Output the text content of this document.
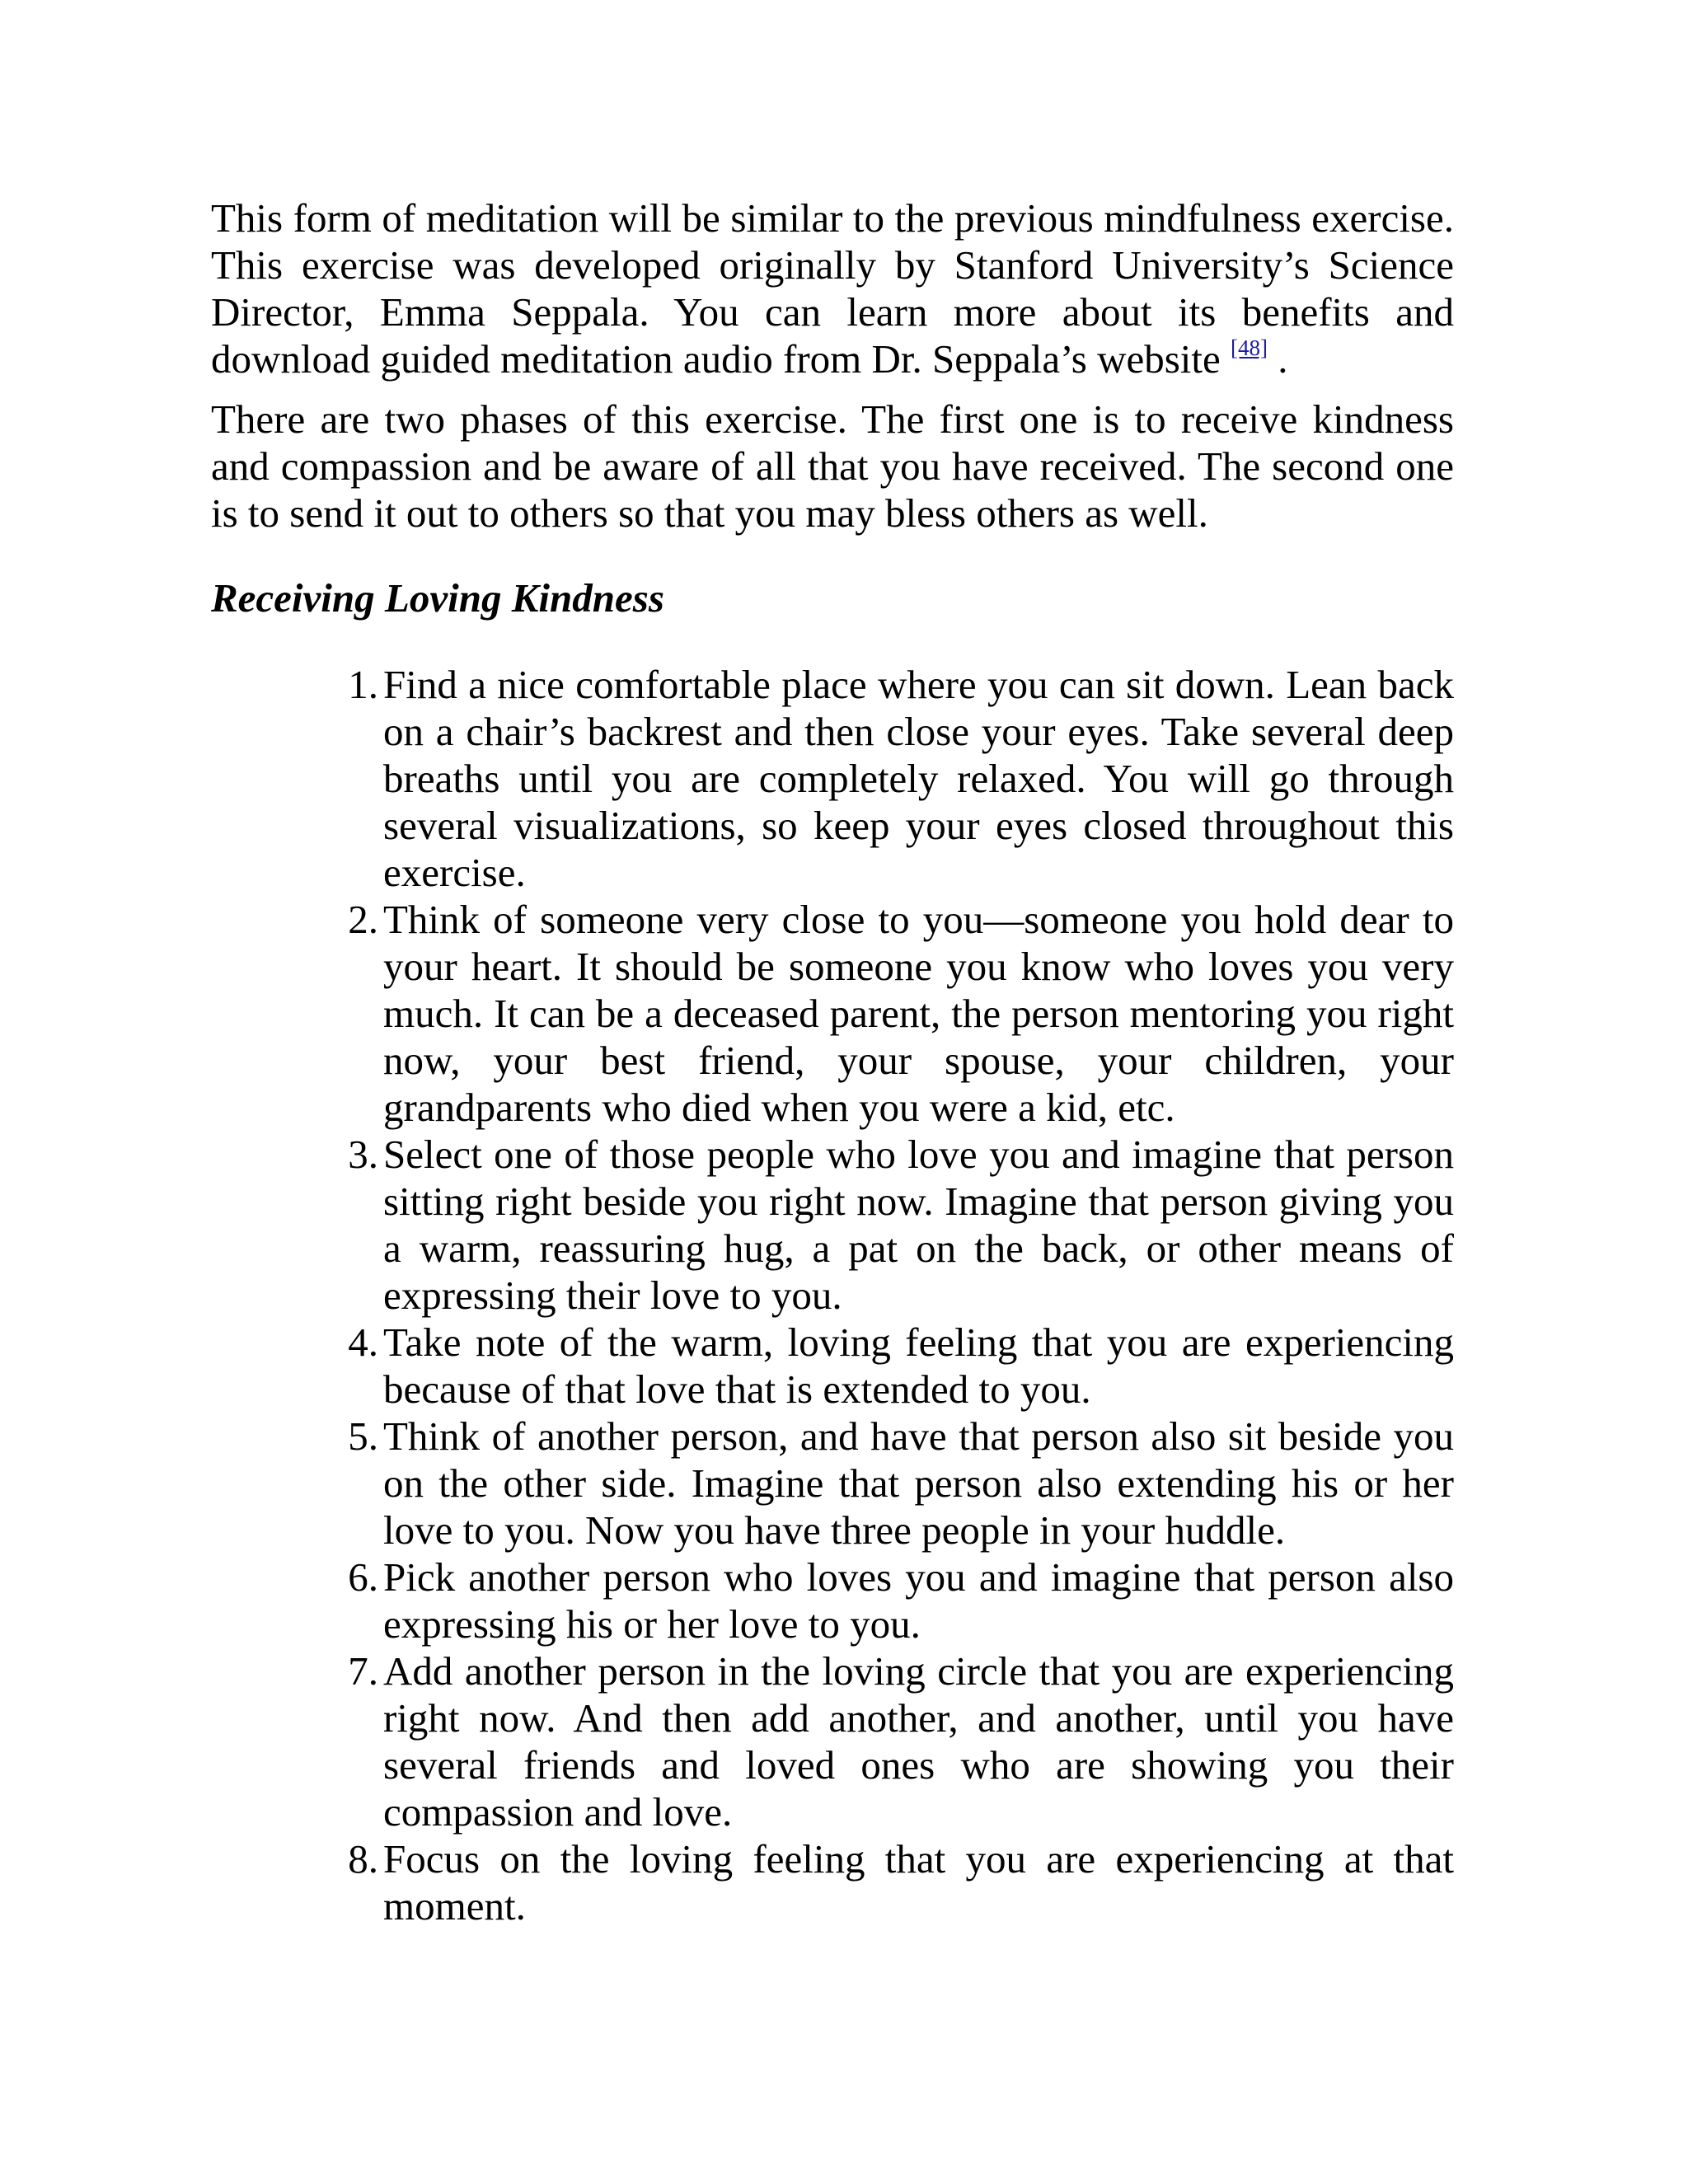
This form of meditation will be similar to the previous mindfulness exercise. This exercise was developed originally by Stanford University’s Science Director, Emma Seppala. You can learn more about its benefits and download guided meditation audio from Dr. Seppala’s website [48] .

There are two phases of this exercise. The first one is to receive kindness and compassion and be aware of all that you have received. The second one is to send it out to others so that you may bless others as well.

Receiving Loving Kindness
1. Find a nice comfortable place where you can sit down. Lean back on a chair’s backrest and then close your eyes. Take several deep breaths until you are completely relaxed. You will go through several visualizations, so keep your eyes closed throughout this exercise.
2. Think of someone very close to you—someone you hold dear to your heart. It should be someone you know who loves you very much. It can be a deceased parent, the person mentoring you right now, your best friend, your spouse, your children, your grandparents who died when you were a kid, etc.
3. Select one of those people who love you and imagine that person sitting right beside you right now. Imagine that person giving you a warm, reassuring hug, a pat on the back, or other means of expressing their love to you.
4. Take note of the warm, loving feeling that you are experiencing because of that love that is extended to you.
5. Think of another person, and have that person also sit beside you on the other side. Imagine that person also extending his or her love to you. Now you have three people in your huddle.
6. Pick another person who loves you and imagine that person also expressing his or her love to you.
7. Add another person in the loving circle that you are experiencing right now. And then add another, and another, until you have several friends and loved ones who are showing you their compassion and love.
8. Focus on the loving feeling that you are experiencing at that moment.
